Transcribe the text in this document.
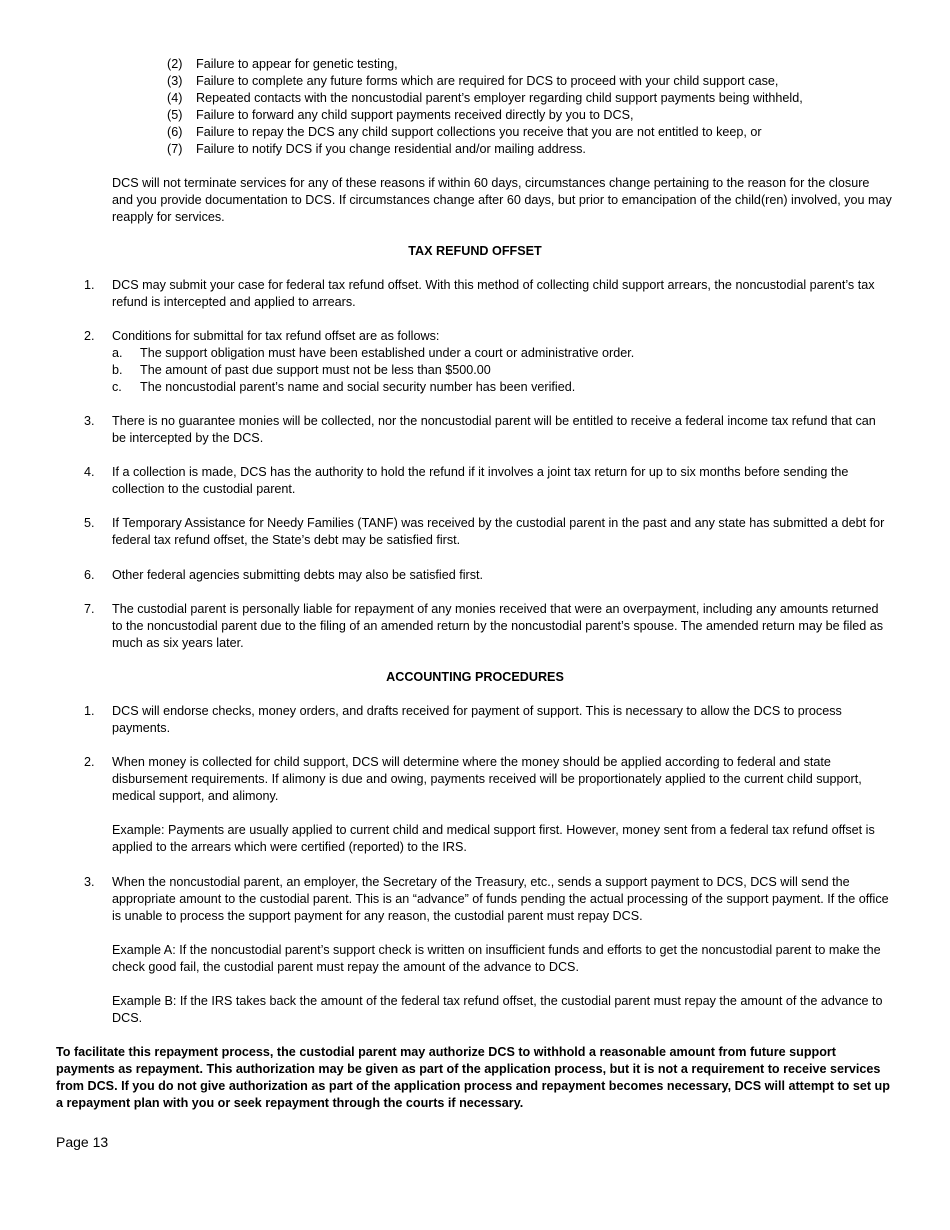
(2) Failure to appear for genetic testing,
(3) Failure to complete any future forms which are required for DCS to proceed with your child support case,
(4) Repeated contacts with the noncustodial parent’s employer regarding child support payments being withheld,
(5) Failure to forward any child support payments received directly by you to DCS,
(6) Failure to repay the DCS any child support collections you receive that you are not entitled to keep, or
(7) Failure to notify DCS if you change residential and/or mailing address.
DCS will not terminate services for any of these reasons if within 60 days, circumstances change pertaining to the reason for the closure and you provide documentation to DCS. If circumstances change after 60 days, but prior to emancipation of the child(ren) involved, you may reapply for services.
TAX REFUND OFFSET
1. DCS may submit your case for federal tax refund offset. With this method of collecting child support arrears, the noncustodial parent’s tax refund is intercepted and applied to arrears.
2. Conditions for submittal for tax refund offset are as follows:
a. The support obligation must have been established under a court or administrative order.
b. The amount of past due support must not be less than $500.00
c. The noncustodial parent’s name and social security number has been verified.
3. There is no guarantee monies will be collected, nor the noncustodial parent will be entitled to receive a federal income tax refund that can be intercepted by the DCS.
4. If a collection is made, DCS has the authority to hold the refund if it involves a joint tax return for up to six months before sending the collection to the custodial parent.
5. If Temporary Assistance for Needy Families (TANF) was received by the custodial parent in the past and any state has submitted a debt for federal tax refund offset, the State’s debt may be satisfied first.
6. Other federal agencies submitting debts may also be satisfied first.
7. The custodial parent is personally liable for repayment of any monies received that were an overpayment, including any amounts returned to the noncustodial parent due to the filing of an amended return by the noncustodial parent’s spouse. The amended return may be filed as much as six years later.
ACCOUNTING PROCEDURES
1. DCS will endorse checks, money orders, and drafts received for payment of support. This is necessary to allow the DCS to process payments.
2. When money is collected for child support, DCS will determine where the money should be applied according to federal and state disbursement requirements. If alimony is due and owing, payments received will be proportionately applied to the current child support, medical support, and alimony.
Example: Payments are usually applied to current child and medical support first. However, money sent from a federal tax refund offset is applied to the arrears which were certified (reported) to the IRS.
3. When the noncustodial parent, an employer, the Secretary of the Treasury, etc., sends a support payment to DCS, DCS will send the appropriate amount to the custodial parent. This is an “advance” of funds pending the actual processing of the support payment. If the office is unable to process the support payment for any reason, the custodial parent must repay DCS.
Example A: If the noncustodial parent’s support check is written on insufficient funds and efforts to get the noncustodial parent to make the check good fail, the custodial parent must repay the amount of the advance to DCS.
Example B: If the IRS takes back the amount of the federal tax refund offset, the custodial parent must repay the amount of the advance to DCS.
To facilitate this repayment process, the custodial parent may authorize DCS to withhold a reasonable amount from future support payments as repayment. This authorization may be given as part of the application process, but it is not a requirement to receive services from DCS. If you do not give authorization as part of the application process and repayment becomes necessary, DCS will attempt to set up a repayment plan with you or seek repayment through the courts if necessary.
Page 13
